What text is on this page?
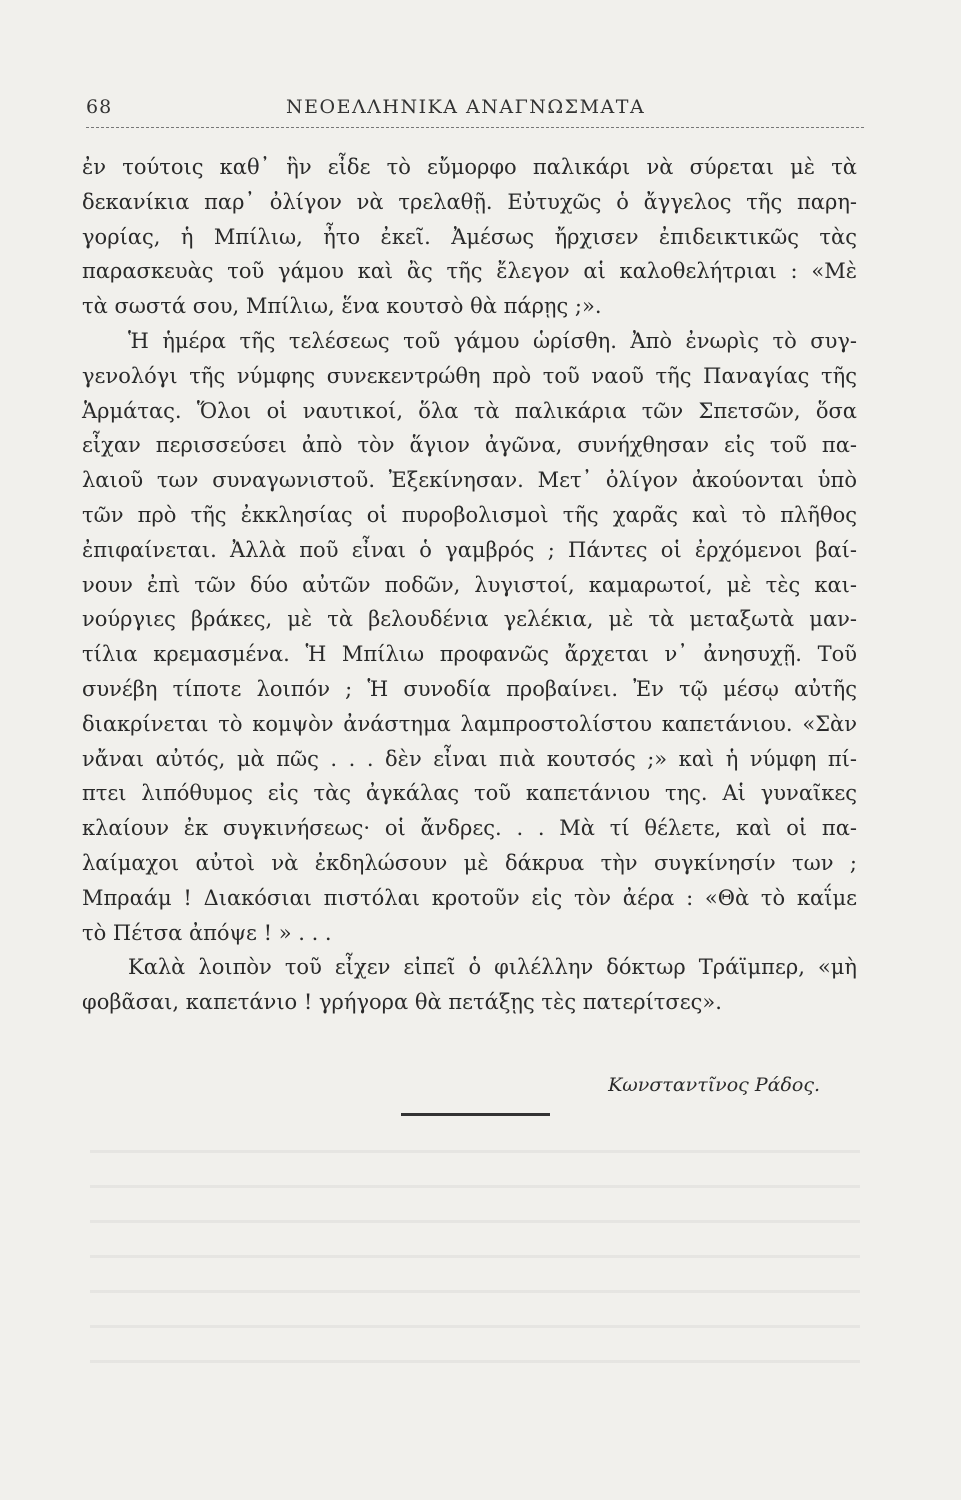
68	ΝΕΟΕΛΛΗΝΙΚΑ ΑΝΑΓΝΩΣΜΑΤΑ
ἐν τούτοις καθ᾿ ἣν εἶδε τὸ εὔμορφο παλικάρι νὰ σύρεται μὲ τὰ
δεκανίκια παρ᾿ ὀλίγον νὰ τρελαθῇ. Εὐτυχῶς ὁ ἄγγελος τῆς παρη-
γορίας, ἡ Μπίλιω, ἦτο ἐκεῖ. Ἀμέσως ἤρχισεν ἐπιδεικτικῶς τὰς
παρασκευὰς τοῦ γάμου καὶ ἂς τῆς ἔλεγον αἱ καλοθελήτριαι : «Μὲ
τὰ σωστά σου, Μπίλιω, ἕνα κουτσὸ θὰ πάρῃς ;».
Ἡ ἡμέρα τῆς τελέσεως τοῦ γάμου ὡρίσθη. Ἀπὸ ἐνωρὶς τὸ συγ-
γενολόγι τῆς νύμφης συνεκεντρώθη πρὸ τοῦ ναοῦ τῆς Παναγίας τῆς
Ἁρμάτας. Ὅλοι οἱ ναυτικοί, ὅλα τὰ παλικάρια τῶν Σπετσῶν, ὅσα
εἶχαν περισσεύσει ἀπὸ τὸν ἅγιον ἀγῶνα, συνήχθησαν εἰς τοῦ πα-
λαιοῦ των συναγωνιστοῦ. Ἐξεκίνησαν. Μετ᾿ ὀλίγον ἀκούονται ὑπὸ
τῶν πρὸ τῆς ἐκκλησίας οἱ πυροβολισμοὶ τῆς χαρᾶς καὶ τὸ πλῆθος
ἐπιφαίνεται. Ἀλλὰ ποῦ εἶναι ὁ γαμβρός ; Πάντες οἱ ἐρχόμενοι βαί-
νουν ἐπὶ τῶν δύο αὐτῶν ποδῶν, λυγιστοί, καμαρωτοί, μὲ τὲς και-
νούργιες βράκες, μὲ τὰ βελουδένια γελέκια, μὲ τὰ μεταξωτὰ μαν-
τίλια κρεμασμένα. Ἡ Μπίλιω προφανῶς ἄρχεται ν᾿ ἀνησυχῇ. Τοῦ
συνέβη τίποτε λοιπόν ; Ἡ συνοδία προβαίνει. Ἐν τῷ μέσῳ αὐτῆς
διακρίνεται τὸ κομψὸν ἀνάστημα λαμπροστολίστου καπετάνιου. «Σὰν
νἄναι αὐτός, μὰ πῶς . . . δὲν εἶναι πιὰ κουτσός ;» καὶ ἡ νύμφη πί-
πτει λιπόθυμος εἰς τὰς ἀγκάλας τοῦ καπετάνιου της. Αἱ γυναῖκες
κλαίουν ἐκ συγκινήσεως· οἱ ἄνδρες. . . Μὰ τί θέλετε, καὶ οἱ πα-
λαίμαχοι αὐτοὶ νὰ ἐκδηλώσουν μὲ δάκρυα τὴν συγκίνησίν των ;
Μπραάμ ! Διακόσιαι πιστόλαι κροτοῦν εἰς τὸν ἀέρα : «Θὰ τὸ καΐμε
τὸ Πέτσα ἀπόψε ! » . . .
Καλὰ λοιπὸν τοῦ εἶχεν εἰπεῖ ὁ φιλέλλην δόκτωρ Τράϊμπερ, «μὴ
φοβᾶσαι, καπετάνιο ! γρήγορα θὰ πετάξῃς τὲς πατερίτσες».
Κωνσταντῖνος Ράδος.
